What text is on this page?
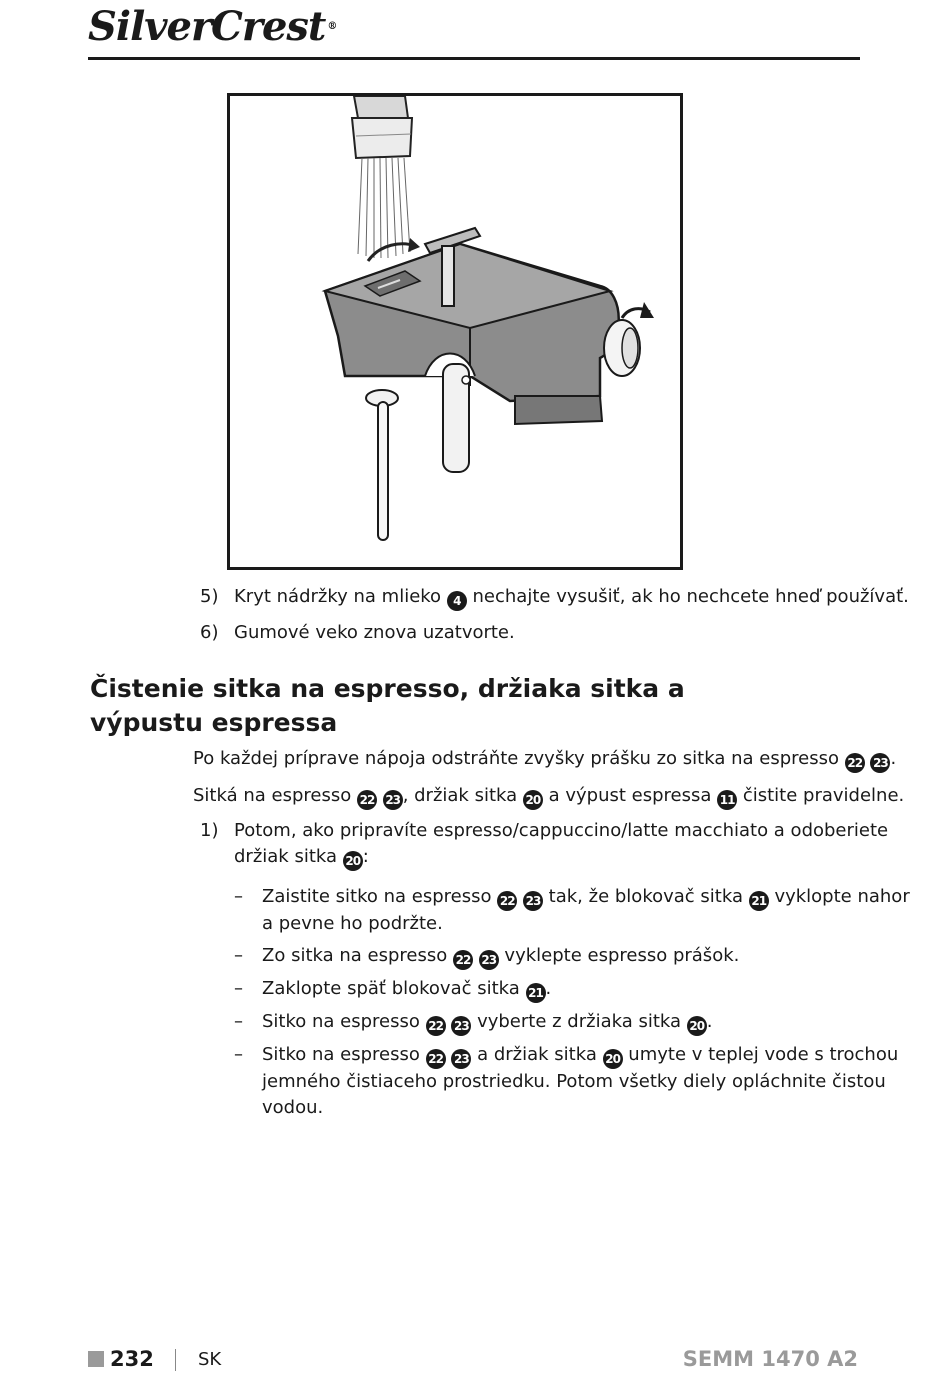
SilverCrest ®
5) Kryt nádržky na mlieko 4 nechajte vysušiť, ak ho nechcete hneď používať.
6) Gumové veko znova uzatvorte.
Čistenie sitka na espresso, držiaka sitka a
výpustu espressa
Po každej príprave nápoja odstráňte zvyšky prášku zo sitka na espresso 22 23 .
Sitká na espresso 22 23 , držiak sitka 20 a výpust espressa 11 čistite pravidelne.
1) Potom, ako pripravíte espresso/cappuccino/latte macchiato a odoberiete
držiak sitka 20 :
– Zaistite sitko na espresso 22 23 tak, že blokovač sitka 21 vyklopte nahor
a pevne ho podržte.
– Zo sitka na espresso 22 23 vyklepte espresso prášok.
– Zaklopte späť blokovač sitka 21 .
– Sitko na espresso 22 23 vyberte z držiaka sitka 20 .
– Sitko na espresso 22 23 a držiak sitka 20 umyte v teplej vode s trochou
jemného čistiaceho prostriedku. Potom všetky diely opláchnite čistou
vodou.
232 SK	SEMM 1470 A2
